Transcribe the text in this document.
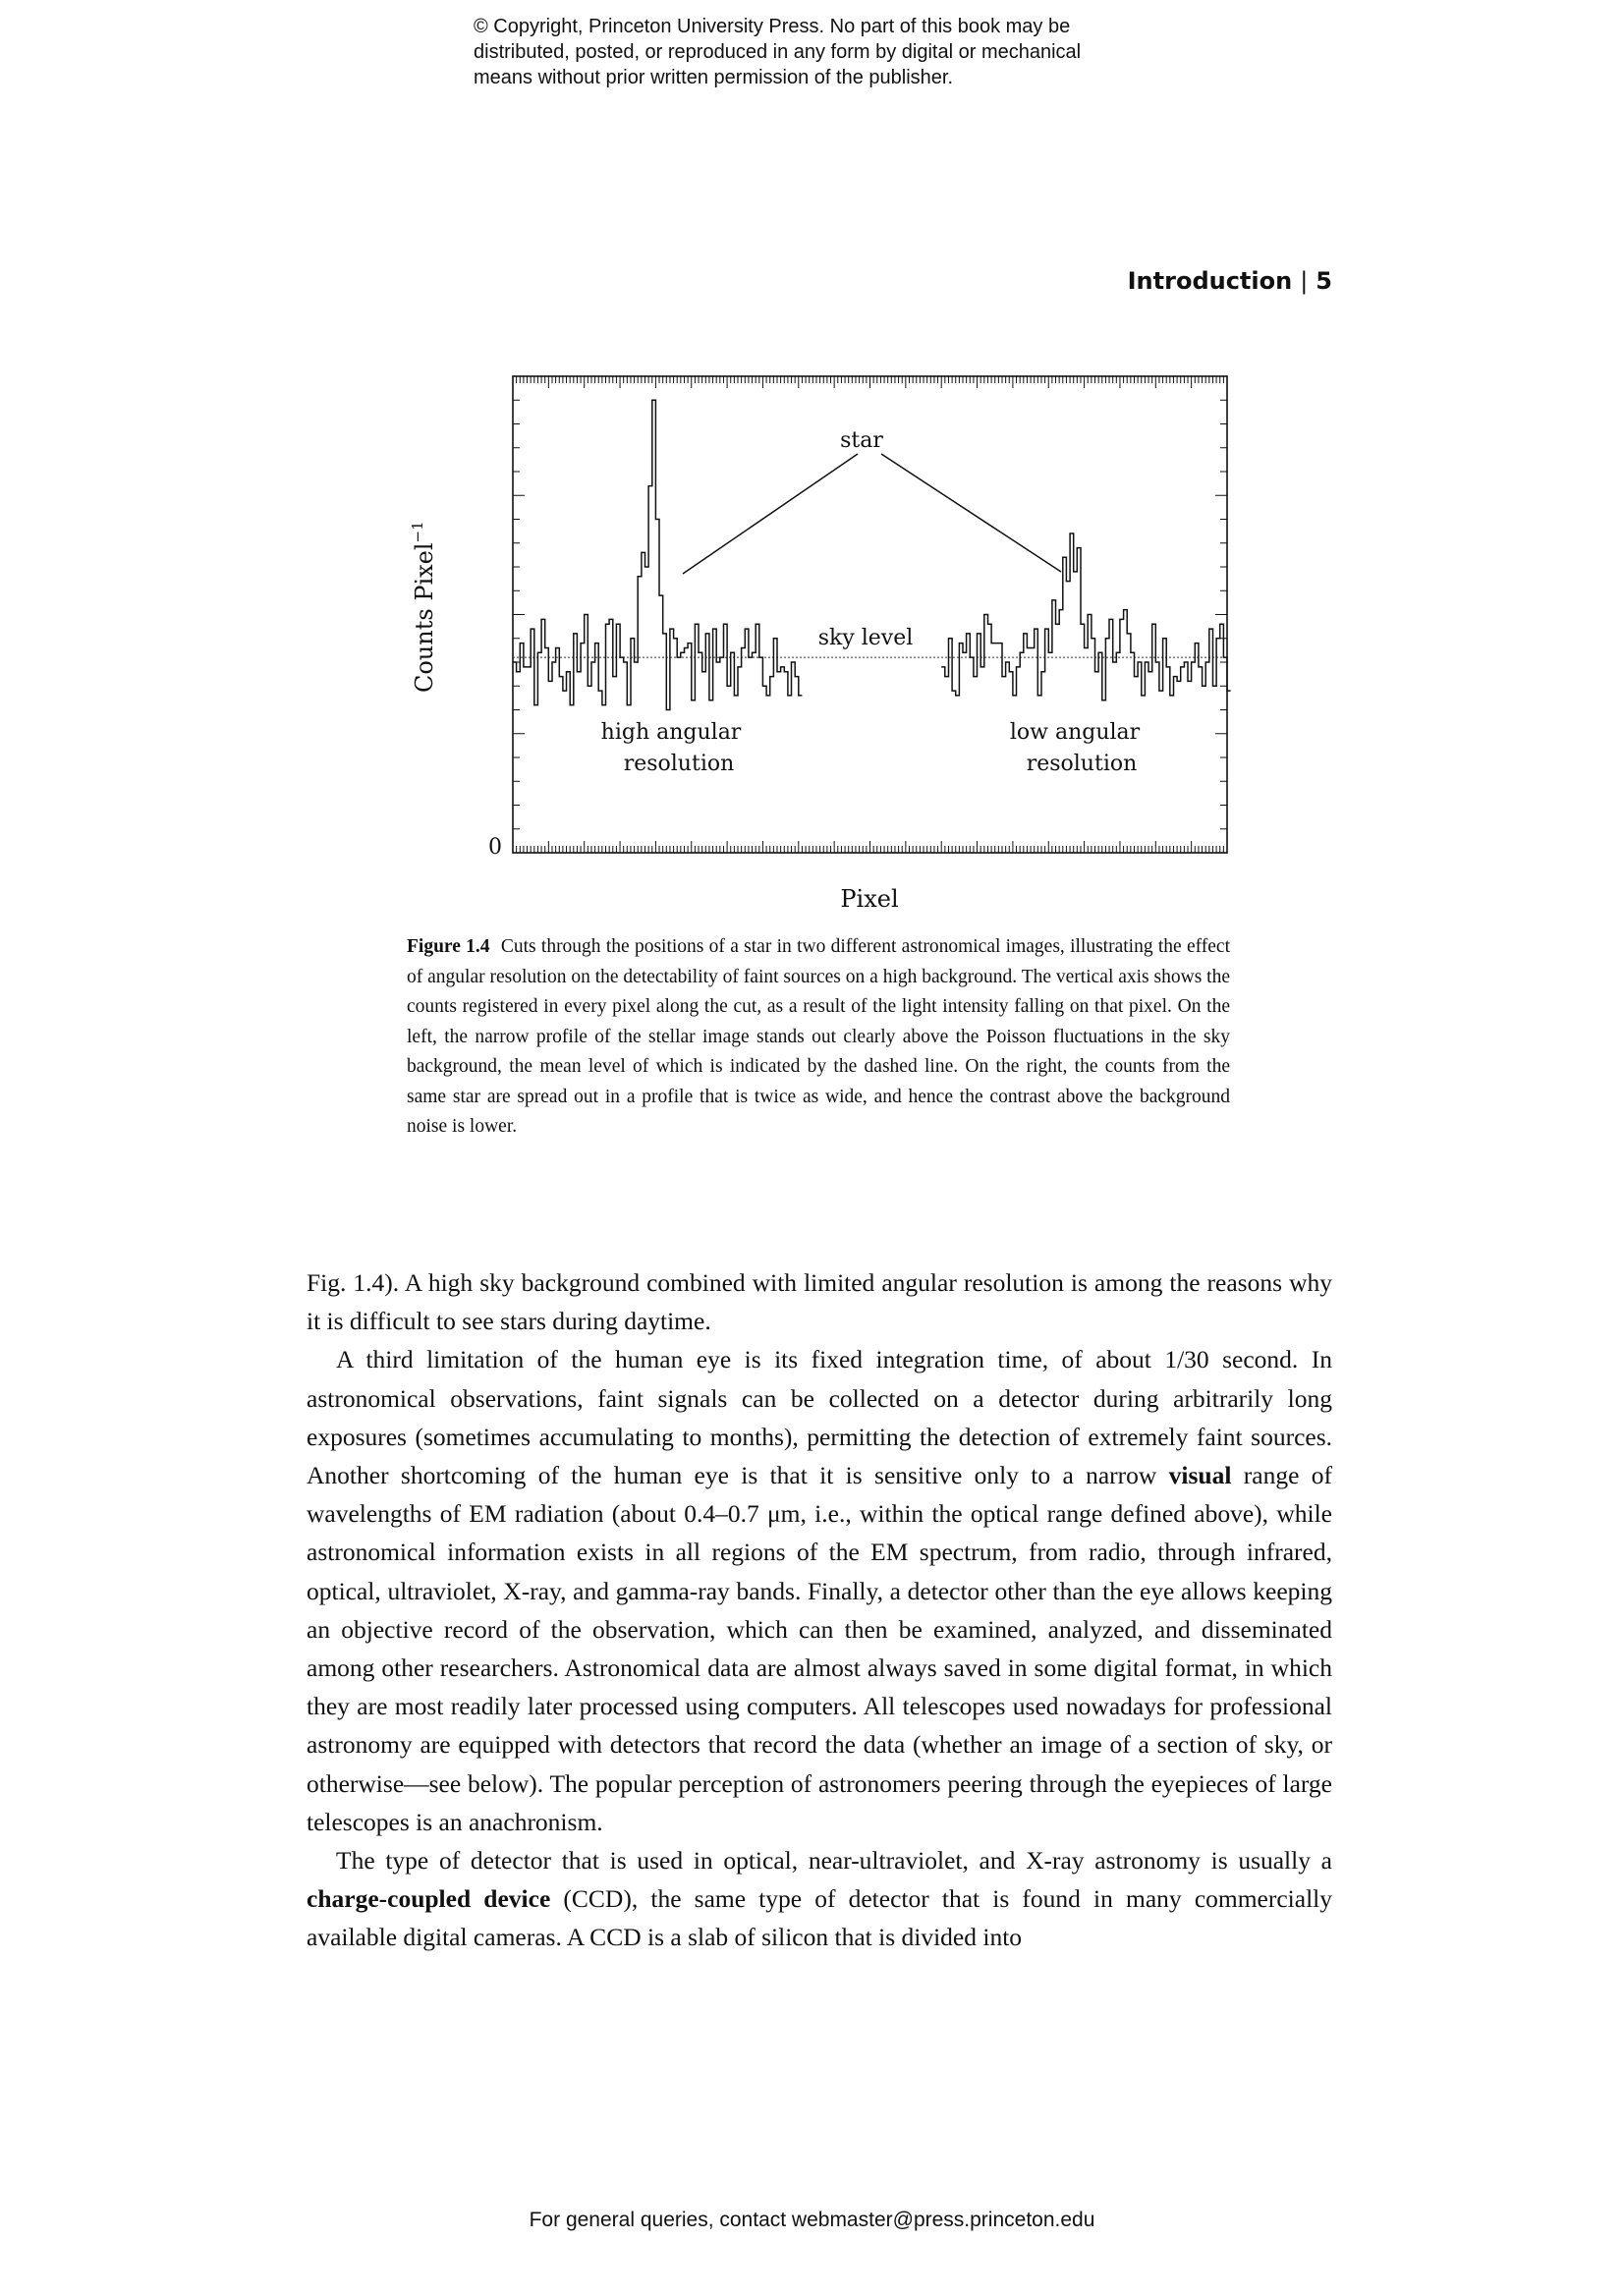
© Copyright, Princeton University Press. No part of this book may be
distributed, posted, or reproduced in any form by digital or mechanical
means without prior written permission of the publisher.
Introduction | 5
star
sky level
high angular
resolution
low angular
resolution
0
Pixel
Counts Pixel$^{-1}$
Figure 1.4 Cuts through the positions of a star in two different astronomical images, illustrating the effect of angular resolution on the detectability of faint sources on a high background. The vertical axis shows the counts registered in every pixel along the cut, as a result of the light intensity falling on that pixel. On the left, the narrow profile of the stellar image stands out clearly above the Poisson fluctuations in the sky background, the mean level of which is indicated by the dashed line. On the right, the counts from the same star are spread out in a profile that is twice as wide, and hence the contrast above the background noise is lower.

Fig. 1.4). A high sky background combined with limited angular resolution is among the reasons why it is difficult to see stars during daytime.

A third limitation of the human eye is its fixed integration time, of about 1/30 second. In astronomical observations, faint signals can be collected on a detector during arbitrarily long exposures (sometimes accumulating to months), permitting the detection of extremely faint sources. Another shortcoming of the human eye is that it is sensitive only to a narrow visual range of wavelengths of EM radiation (about 0.4–0.7 μm, i.e., within the optical range defined above), while astronomical information exists in all regions of the EM spectrum, from radio, through infrared, optical, ultraviolet, X-ray, and gamma-ray bands. Finally, a detector other than the eye allows keeping an objective record of the observation, which can then be examined, analyzed, and disseminated among other researchers. Astronomical data are almost always saved in some digital format, in which they are most readily later processed using computers. All telescopes used nowadays for professional astronomy are equipped with detectors that record the data (whether an image of a section of sky, or otherwise—see below). The popular perception of astronomers peering through the eyepieces of large telescopes is an anachronism.

The type of detector that is used in optical, near-ultraviolet, and X-ray astronomy is usually a charge-coupled device (CCD), the same type of detector that is found in many commercially available digital cameras. A CCD is a slab of silicon that is divided into

For general queries, contact webmaster@press.princeton.edu
